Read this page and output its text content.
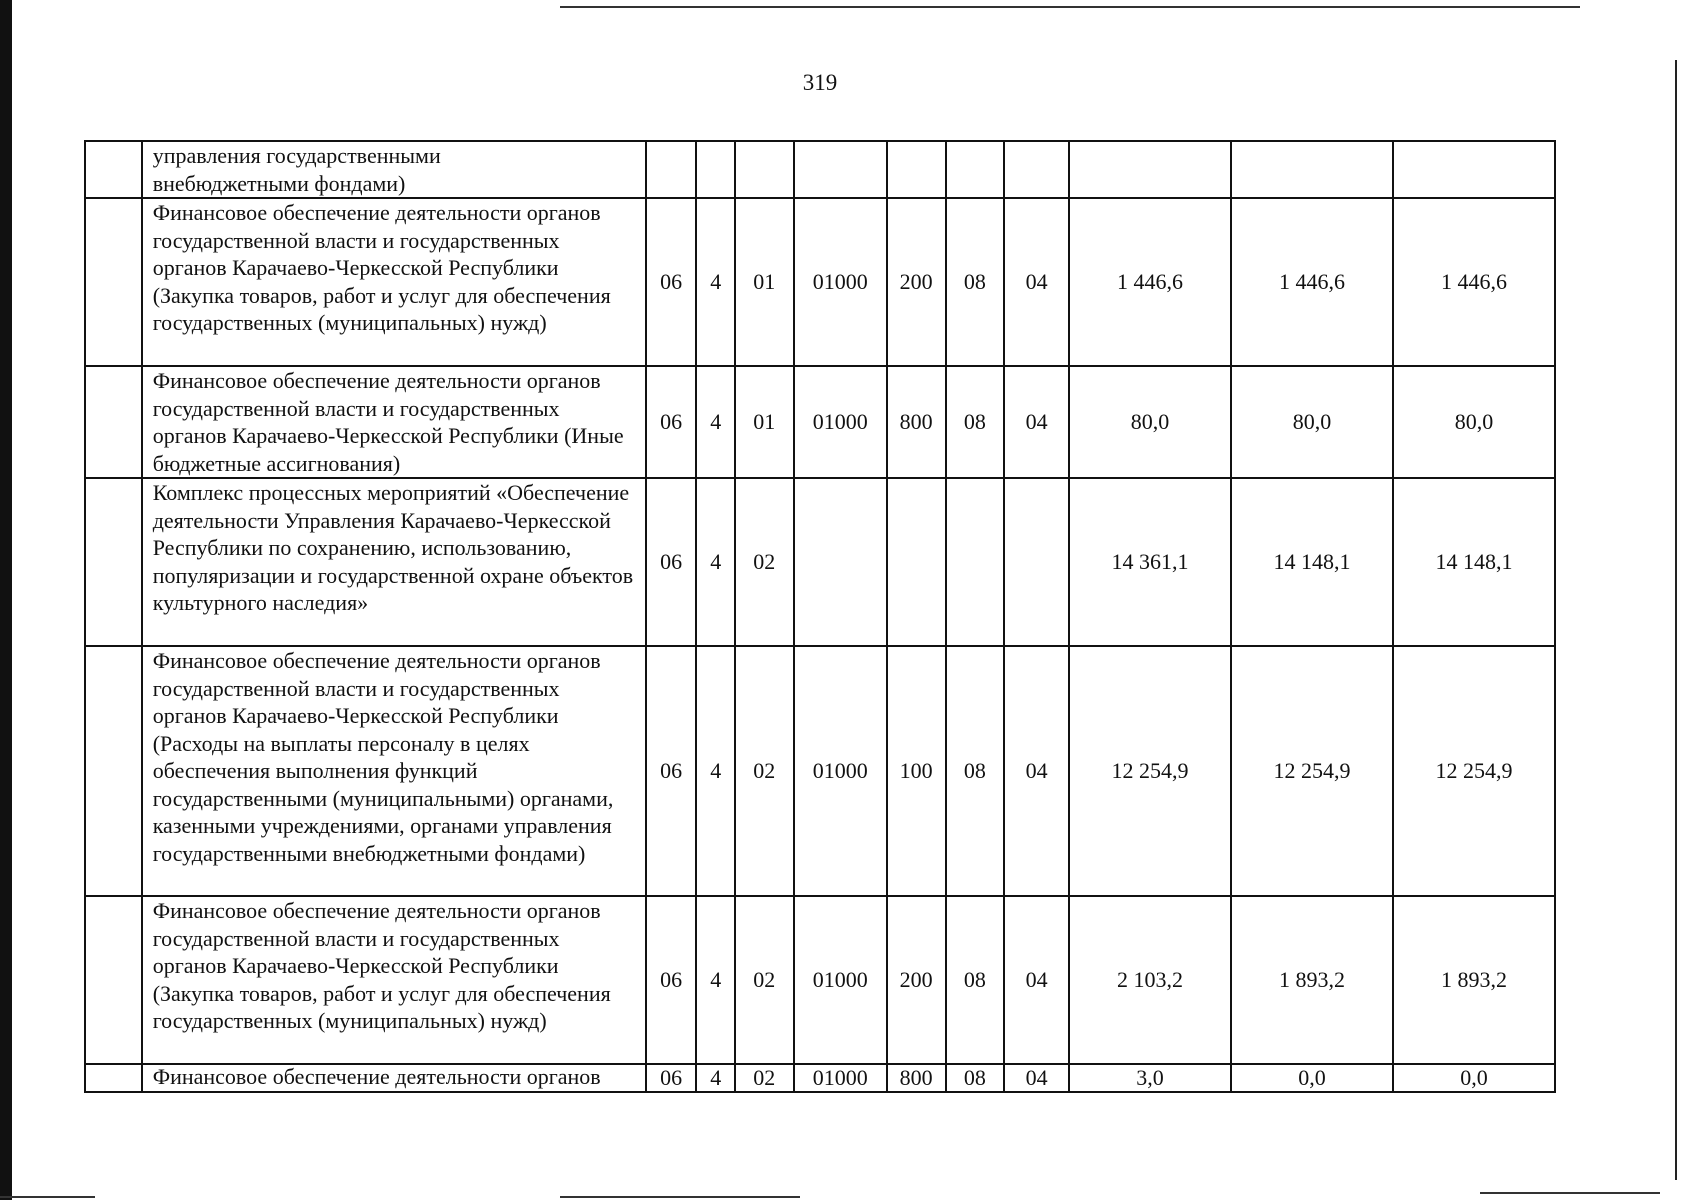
319
	управления государственными
внебюджетными фондами)										
	Финансовое обеспечение деятельности органов государственной власти и государственных органов Карачаево-Черкесской Республики (Закупка товаров, работ и услуг для обеспечения государственных (муниципальных) нужд)	06	4	01	01000	200	08	04	1 446,6	1 446,6	1 446,6
	Финансовое обеспечение деятельности органов государственной власти и государственных органов Карачаево-Черкесской Республики (Иные бюджетные ассигнования)	06	4	01	01000	800	08	04	80,0	80,0	80,0
	Комплекс процессных мероприятий «Обеспечение деятельности Управления Карачаево-Черкесской Республики по сохранению, использованию, популяризации и государственной охране объектов культурного наследия»	06	4	02					14 361,1	14 148,1	14 148,1
	Финансовое обеспечение деятельности органов государственной власти и государственных органов Карачаево-Черкесской Республики (Расходы на выплаты персоналу в целях обеспечения выполнения функций государственными (муниципальными) органами, казенными учреждениями, органами управления государственными внебюджетными фондами)	06	4	02	01000	100	08	04	12 254,9	12 254,9	12 254,9
	Финансовое обеспечение деятельности органов государственной власти и государственных органов Карачаево-Черкесской Республики (Закупка товаров, работ и услуг для обеспечения государственных (муниципальных) нужд)	06	4	02	01000	200	08	04	2 103,2	1 893,2	1 893,2
	Финансовое обеспечение деятельности органов	06	4	02	01000	800	08	04	3,0	0,0	0,0
